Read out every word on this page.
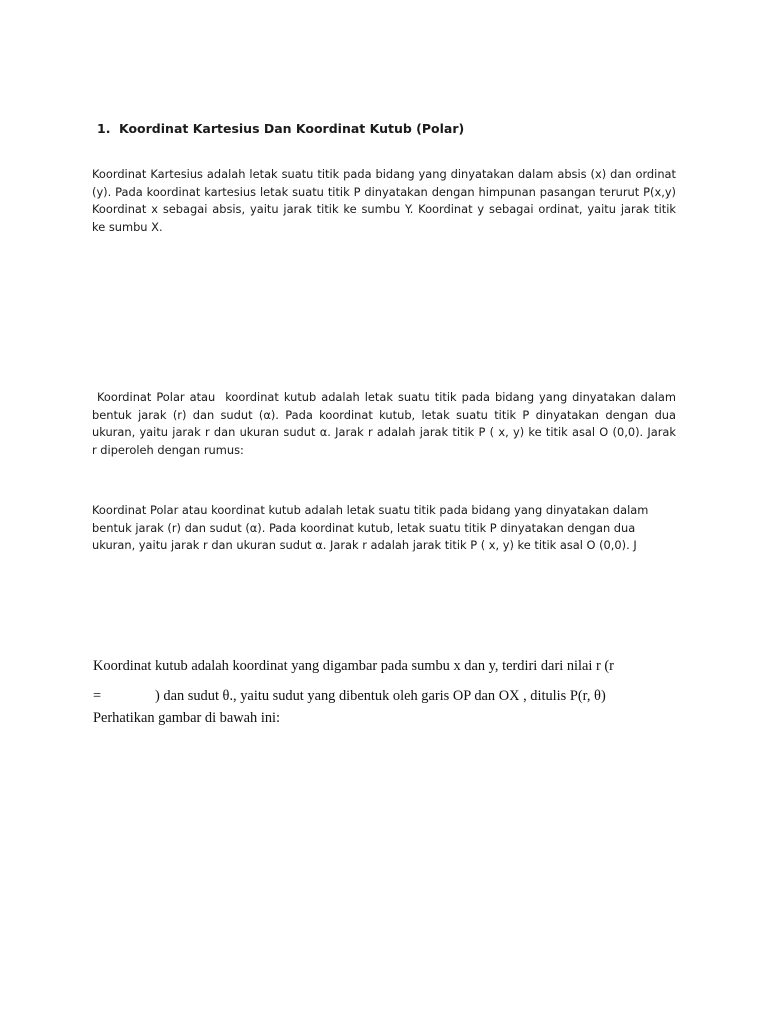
1. Koordinat Kartesius Dan Koordinat Kutub (Polar)
Koordinat Kartesius adalah letak suatu titik pada bidang yang dinyatakan dalam absis (x) dan ordinat
(y). Pada koordinat kartesius letak suatu titik P dinyatakan dengan himpunan pasangan terurut P(x,y)
Koordinat x sebagai absis, yaitu jarak titik ke sumbu Y. Koordinat y sebagai ordinat, yaitu jarak titik
ke sumbu X.
Koordinat Polar atau  koordinat kutub adalah letak suatu titik pada bidang yang dinyatakan dalam
bentuk jarak (r) dan sudut (α). Pada koordinat kutub, letak suatu titik P dinyatakan dengan dua
ukuran, yaitu jarak r dan ukuran sudut α. Jarak r adalah jarak titik P ( x, y) ke titik asal O (0,0). Jarak
r diperoleh dengan rumus:
Koordinat Polar atau koordinat kutub adalah letak suatu titik pada bidang yang dinyatakan dalam
bentuk jarak (r) dan sudut (α). Pada koordinat kutub, letak suatu titik P dinyatakan dengan dua
ukuran, yaitu jarak r dan ukuran sudut α. Jarak r adalah jarak titik P ( x, y) ke titik asal O (0,0). J
Koordinat kutub adalah koordinat yang digambar pada sumbu x dan y, terdiri dari nilai r (r
=	) dan sudut θ., yaitu sudut yang dibentuk oleh garis OP dan OX , ditulis P(r, θ)
Perhatikan gambar di bawah ini:
